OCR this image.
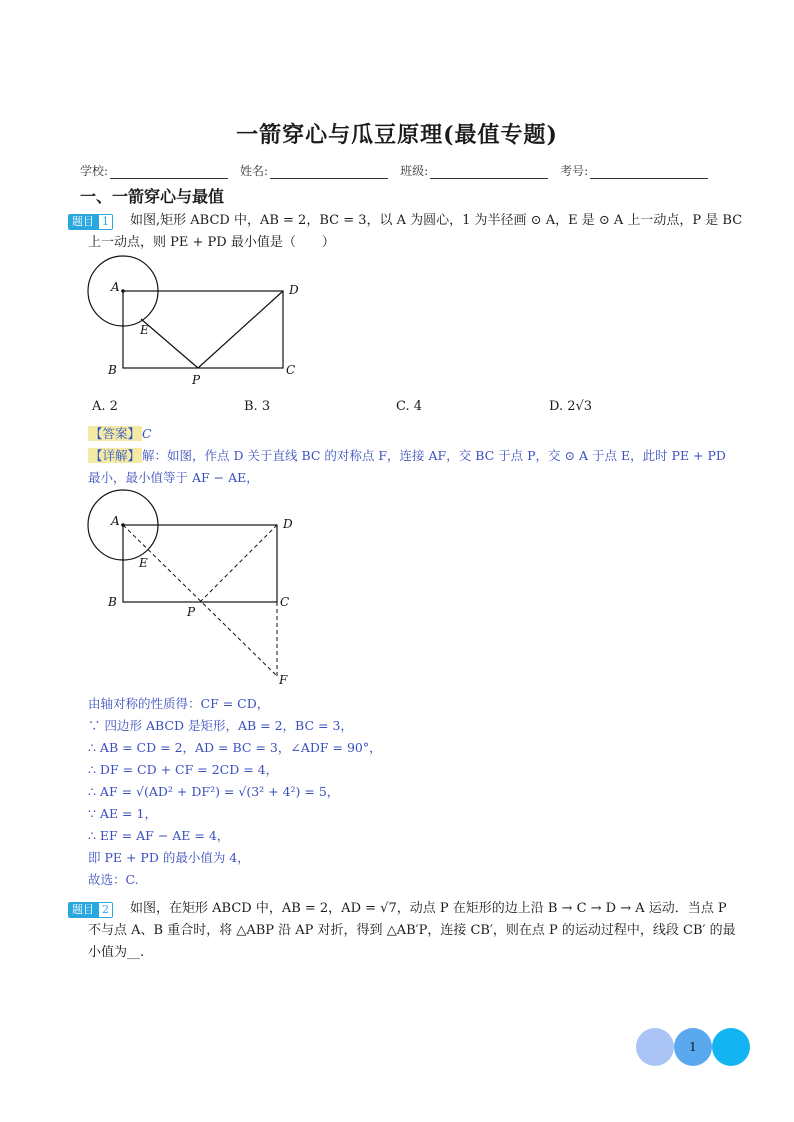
一箭穿心与瓜豆原理(最值专题)
学校:	姓名:	班级:	考号:
一、一箭穿心与最值
题目 1	如图,矩形 ABCD 中，AB = 2，BC = 3，以 A 为圆心，1 为半径画 ⊙ A，E 是 ⊙ A 上一动点，P 是 BC
上一动点，则 PE + PD 最小值是（　　）
A
B	C
D
E
P
A. 2	B. 3	C. 4	D. 2√3
【答案】 C
【详解】 解：如图，作点 D 关于直线 BC 的对称点 F，连接 AF，交 BC 于点 P，交 ⊙ A 于点 E，此时 PE + PD
最小，最小值等于 AF − AE，
A
B	C
D
E
P
F
由轴对称的性质得：CF = CD，
∵ 四边形 ABCD 是矩形，AB = 2，BC = 3，
∴ AB = CD = 2，AD = BC = 3，∠ADF = 90°，
∴ DF = CD + CF = 2CD = 4，
∴ AF = √(AD² + DF²) = √(3² + 4²) = 5，
∵ AE = 1，
∴ EF = AF − AE = 4，
即 PE + PD 的最小值为 4，
故选：C.
题目 2	如图，在矩形 ABCD 中，AB = 2，AD = √7，动点 P 在矩形的边上沿 B → C → D → A 运动．当点 P
不与点 A、B 重合时，将 △ABP 沿 AP 对折，得到 △AB′P，连接 CB′，则在点 P 的运动过程中，线段 CB′ 的最
小值为__.
1
